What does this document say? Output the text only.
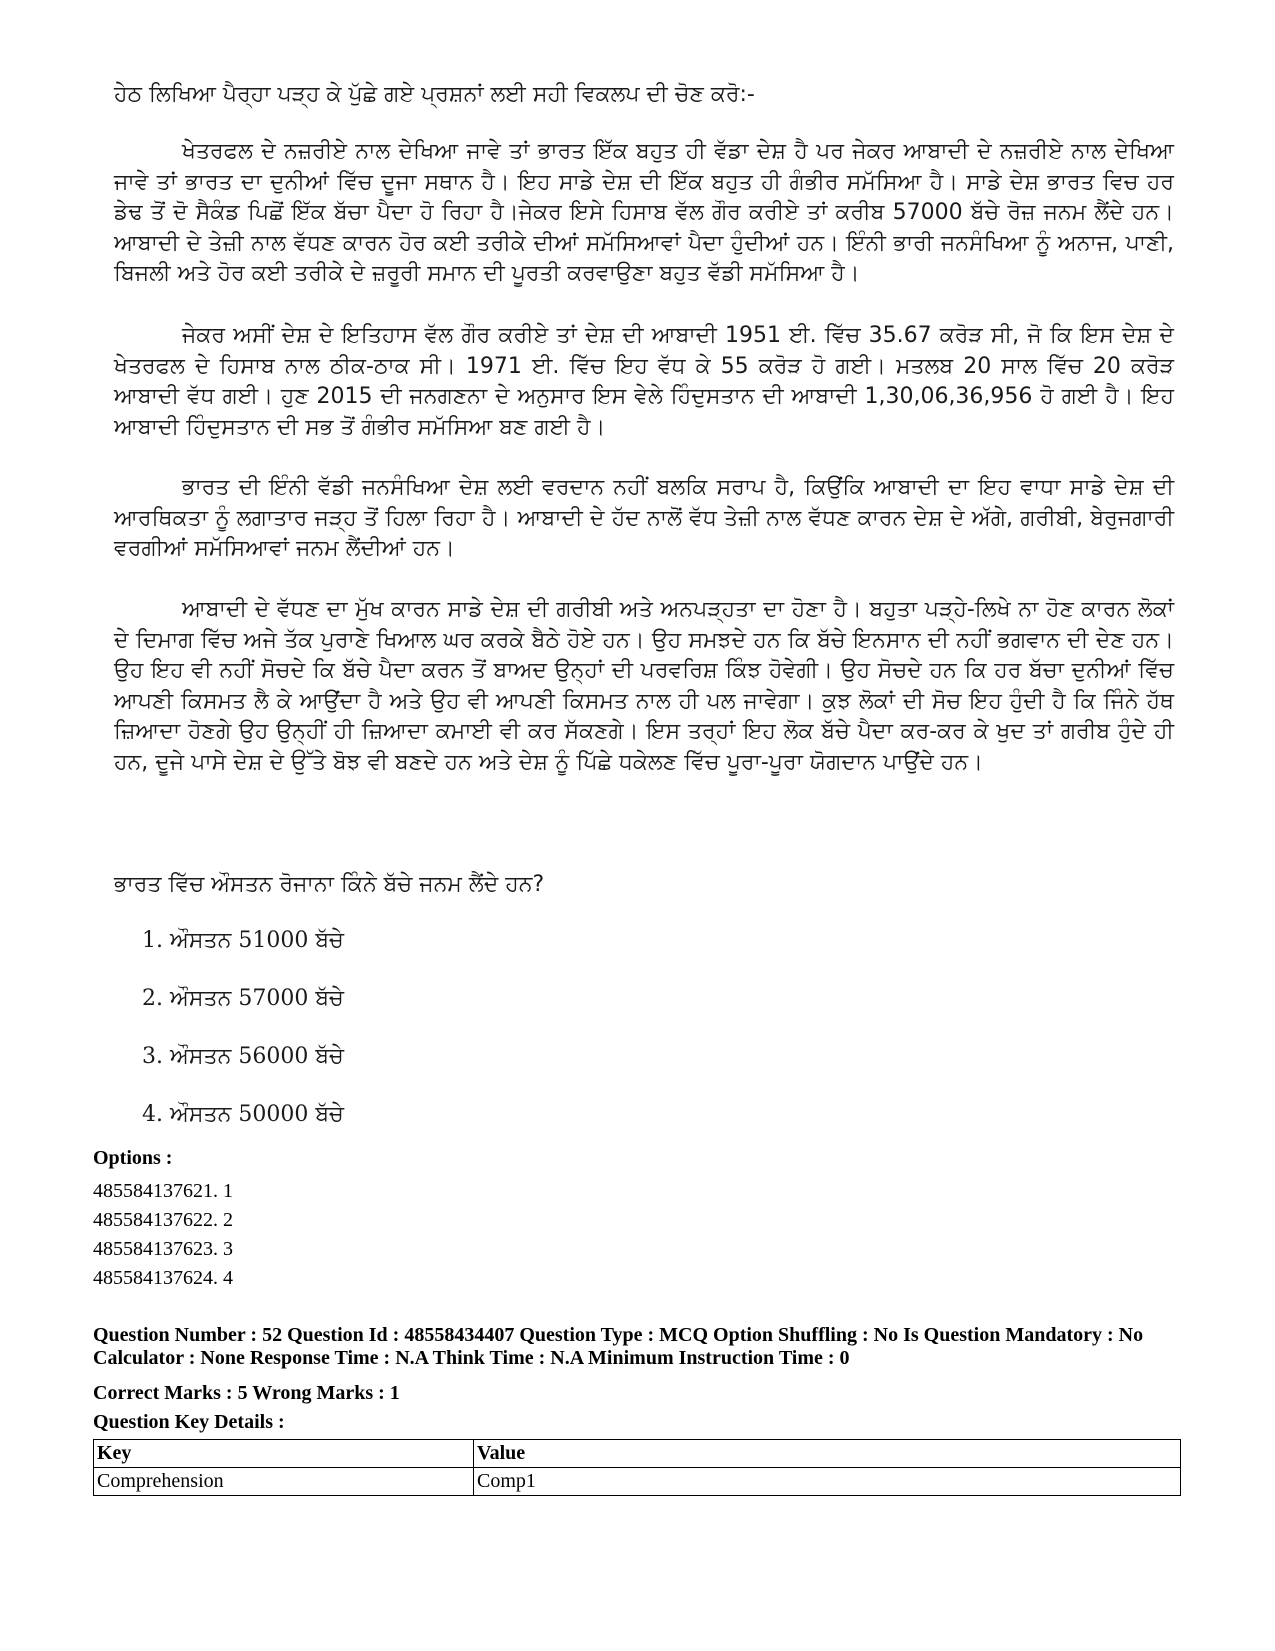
ਹੇਠ ਲਿਖਿਆ ਪੈਰ੍ਹਾ ਪੜ੍ਹ ਕੇ ਪੁੱਛੇ ਗਏ ਪ੍ਰਸ਼ਨਾਂ ਲਈ ਸਹੀ ਵਿਕਲਪ ਦੀ ਚੋਣ ਕਰੋ:-

ਖੇਤਰਫਲ ਦੇ ਨਜ਼ਰੀਏ ਨਾਲ ਦੇਖਿਆ ਜਾਵੇ ਤਾਂ ਭਾਰਤ ਇੱਕ ਬਹੁਤ ਹੀ ਵੱਡਾ ਦੇਸ਼ ਹੈ ਪਰ ਜੇਕਰ ਆਬਾਦੀ ਦੇ ਨਜ਼ਰੀਏ ਨਾਲ ਦੇਖਿਆ ਜਾਵੇ ਤਾਂ ਭਾਰਤ ਦਾ ਦੁਨੀਆਂ ਵਿੱਚ ਦੂਜਾ ਸਥਾਨ ਹੈ। ਇਹ ਸਾਡੇ ਦੇਸ਼ ਦੀ ਇੱਕ ਬਹੁਤ ਹੀ ਗੰਭੀਰ ਸਮੱਸਿਆ ਹੈ। ਸਾਡੇ ਦੇਸ਼ ਭਾਰਤ ਵਿਚ ਹਰ ਡੇਢ ਤੋਂ ਦੋ ਸੈਕੰਡ ਪਿਛੋਂ ਇੱਕ ਬੱਚਾ ਪੈਦਾ ਹੋ ਰਿਹਾ ਹੈ।ਜੇਕਰ ਇਸੇ ਹਿਸਾਬ ਵੱਲ ਗੌਰ ਕਰੀਏ ਤਾਂ ਕਰੀਬ 57000 ਬੱਚੇ ਰੋਜ਼ ਜਨਮ ਲੈਂਦੇ ਹਨ। ਆਬਾਦੀ ਦੇ ਤੇਜ਼ੀ ਨਾਲ ਵੱਧਣ ਕਾਰਨ ਹੋਰ ਕਈ ਤਰੀਕੇ ਦੀਆਂ ਸਮੱਸਿਆਵਾਂ ਪੈਦਾ ਹੁੰਦੀਆਂ ਹਨ। ਇੰਨੀ ਭਾਰੀ ਜਨਸੰਖਿਆ ਨੂੰ ਅਨਾਜ, ਪਾਣੀ, ਬਿਜਲੀ ਅਤੇ ਹੋਰ ਕਈ ਤਰੀਕੇ ਦੇ ਜ਼ਰੂਰੀ ਸਮਾਨ ਦੀ ਪੂਰਤੀ ਕਰਵਾਉਣਾ ਬਹੁਤ ਵੱਡੀ ਸਮੱਸਿਆ ਹੈ।

ਜੇਕਰ ਅਸੀਂ ਦੇਸ਼ ਦੇ ਇਤਿਹਾਸ ਵੱਲ ਗੌਰ ਕਰੀਏ ਤਾਂ ਦੇਸ਼ ਦੀ ਆਬਾਦੀ 1951 ਈ. ਵਿੱਚ 35.67 ਕਰੋੜ ਸੀ, ਜੋ ਕਿ ਇਸ ਦੇਸ਼ ਦੇ ਖੇਤਰਫਲ ਦੇ ਹਿਸਾਬ ਨਾਲ ਠੀਕ-ਠਾਕ ਸੀ। 1971 ਈ. ਵਿੱਚ ਇਹ ਵੱਧ ਕੇ 55 ਕਰੋੜ ਹੋ ਗਈ। ਮਤਲਬ 20 ਸਾਲ ਵਿੱਚ 20 ਕਰੋੜ ਆਬਾਦੀ ਵੱਧ ਗਈ। ਹੁਣ 2015 ਦੀ ਜਨਗਣਨਾ ਦੇ ਅਨੁਸਾਰ ਇਸ ਵੇਲੇ ਹਿੰਦੁਸਤਾਨ ਦੀ ਆਬਾਦੀ 1,30,06,36,956 ਹੋ ਗਈ ਹੈ। ਇਹ ਆਬਾਦੀ ਹਿੰਦੁਸਤਾਨ ਦੀ ਸਭ ਤੋਂ ਗੰਭੀਰ ਸਮੱਸਿਆ ਬਣ ਗਈ ਹੈ।

ਭਾਰਤ ਦੀ ਇੰਨੀ ਵੱਡੀ ਜਨਸੰਖਿਆ ਦੇਸ਼ ਲਈ ਵਰਦਾਨ ਨਹੀਂ ਬਲਕਿ ਸਰਾਪ ਹੈ, ਕਿਉਂਕਿ ਆਬਾਦੀ ਦਾ ਇਹ ਵਾਧਾ ਸਾਡੇ ਦੇਸ਼ ਦੀ ਆਰਥਿਕਤਾ ਨੂੰ ਲਗਾਤਾਰ ਜੜ੍ਹ ਤੋਂ ਹਿਲਾ ਰਿਹਾ ਹੈ। ਆਬਾਦੀ ਦੇ ਹੱਦ ਨਾਲੋਂ ਵੱਧ ਤੇਜ਼ੀ ਨਾਲ ਵੱਧਣ ਕਾਰਨ ਦੇਸ਼ ਦੇ ਅੱਗੇ, ਗਰੀਬੀ, ਬੇਰੁਜਗਾਰੀ ਵਰਗੀਆਂ ਸਮੱਸਿਆਵਾਂ ਜਨਮ ਲੈਂਦੀਆਂ ਹਨ।

ਆਬਾਦੀ ਦੇ ਵੱਧਣ ਦਾ ਮੁੱਖ ਕਾਰਨ ਸਾਡੇ ਦੇਸ਼ ਦੀ ਗਰੀਬੀ ਅਤੇ ਅਨਪੜ੍ਹਤਾ ਦਾ ਹੋਣਾ ਹੈ। ਬਹੁਤਾ ਪੜ੍ਹੇ-ਲਿਖੇ ਨਾ ਹੋਣ ਕਾਰਨ ਲੋਕਾਂ ਦੇ ਦਿਮਾਗ ਵਿੱਚ ਅਜੇ ਤੱਕ ਪੁਰਾਣੇ ਖਿਆਲ ਘਰ ਕਰਕੇ ਬੈਠੇ ਹੋਏ ਹਨ। ਉਹ ਸਮਝਦੇ ਹਨ ਕਿ ਬੱਚੇ ਇਨਸਾਨ ਦੀ ਨਹੀਂ ਭਗਵਾਨ ਦੀ ਦੇਣ ਹਨ। ਉਹ ਇਹ ਵੀ ਨਹੀਂ ਸੋਚਦੇ ਕਿ ਬੱਚੇ ਪੈਦਾ ਕਰਨ ਤੋਂ ਬਾਅਦ ਉਨ੍ਹਾਂ ਦੀ ਪਰਵਰਿਸ਼ ਕਿੰਝ ਹੋਵੇਗੀ। ਉਹ ਸੋਚਦੇ ਹਨ ਕਿ ਹਰ ਬੱਚਾ ਦੁਨੀਆਂ ਵਿੱਚ ਆਪਣੀ ਕਿਸਮਤ ਲੈ ਕੇ ਆਉਂਦਾ ਹੈ ਅਤੇ ਉਹ ਵੀ ਆਪਣੀ ਕਿਸਮਤ ਨਾਲ ਹੀ ਪਲ ਜਾਵੇਗਾ। ਕੁਝ ਲੋਕਾਂ ਦੀ ਸੋਚ ਇਹ ਹੁੰਦੀ ਹੈ ਕਿ ਜਿੰਨੇ ਹੱਥ ਜ਼ਿਆਦਾ ਹੋਣਗੇ ਉਹ ਉਨ੍ਹੀਂ ਹੀ ਜ਼ਿਆਦਾ ਕਮਾਈ ਵੀ ਕਰ ਸੱਕਣਗੇ। ਇਸ ਤਰ੍ਹਾਂ ਇਹ ਲੋਕ ਬੱਚੇ ਪੈਦਾ ਕਰ-ਕਰ ਕੇ ਖੁਦ ਤਾਂ ਗਰੀਬ ਹੁੰਦੇ ਹੀ ਹਨ, ਦੂਜੇ ਪਾਸੇ ਦੇਸ਼ ਦੇ ਉੱਤੇ ਬੋਝ ਵੀ ਬਣਦੇ ਹਨ ਅਤੇ ਦੇਸ਼ ਨੂੰ ਪਿੱਛੇ ਧਕੇਲਣ ਵਿੱਚ ਪੂਰਾ-ਪੂਰਾ ਯੋਗਦਾਨ ਪਾਉਂਦੇ ਹਨ।

ਭਾਰਤ ਵਿੱਚ ਔਸਤਨ ਰੋਜਾਨਾ ਕਿੰਨੇ ਬੱਚੇ ਜਨਮ ਲੈਂਦੇ ਹਨ?

1. ਔਸਤਨ 51000 ਬੱਚੇ
2. ਔਸਤਨ 57000 ਬੱਚੇ
3. ਔਸਤਨ 56000 ਬੱਚੇ
4. ਔਸਤਨ 50000 ਬੱਚੇ
Options :
485584137621. 1
485584137622. 2
485584137623. 3
485584137624. 4
Question Number : 52 Question Id : 48558434407 Question Type : MCQ Option Shuffling : No Is Question Mandatory : No Calculator : None Response Time : N.A Think Time : N.A Minimum Instruction Time : 0
Correct Marks : 5 Wrong Marks : 1
Question Key Details :
Key	Value
Comprehension	Comp1
